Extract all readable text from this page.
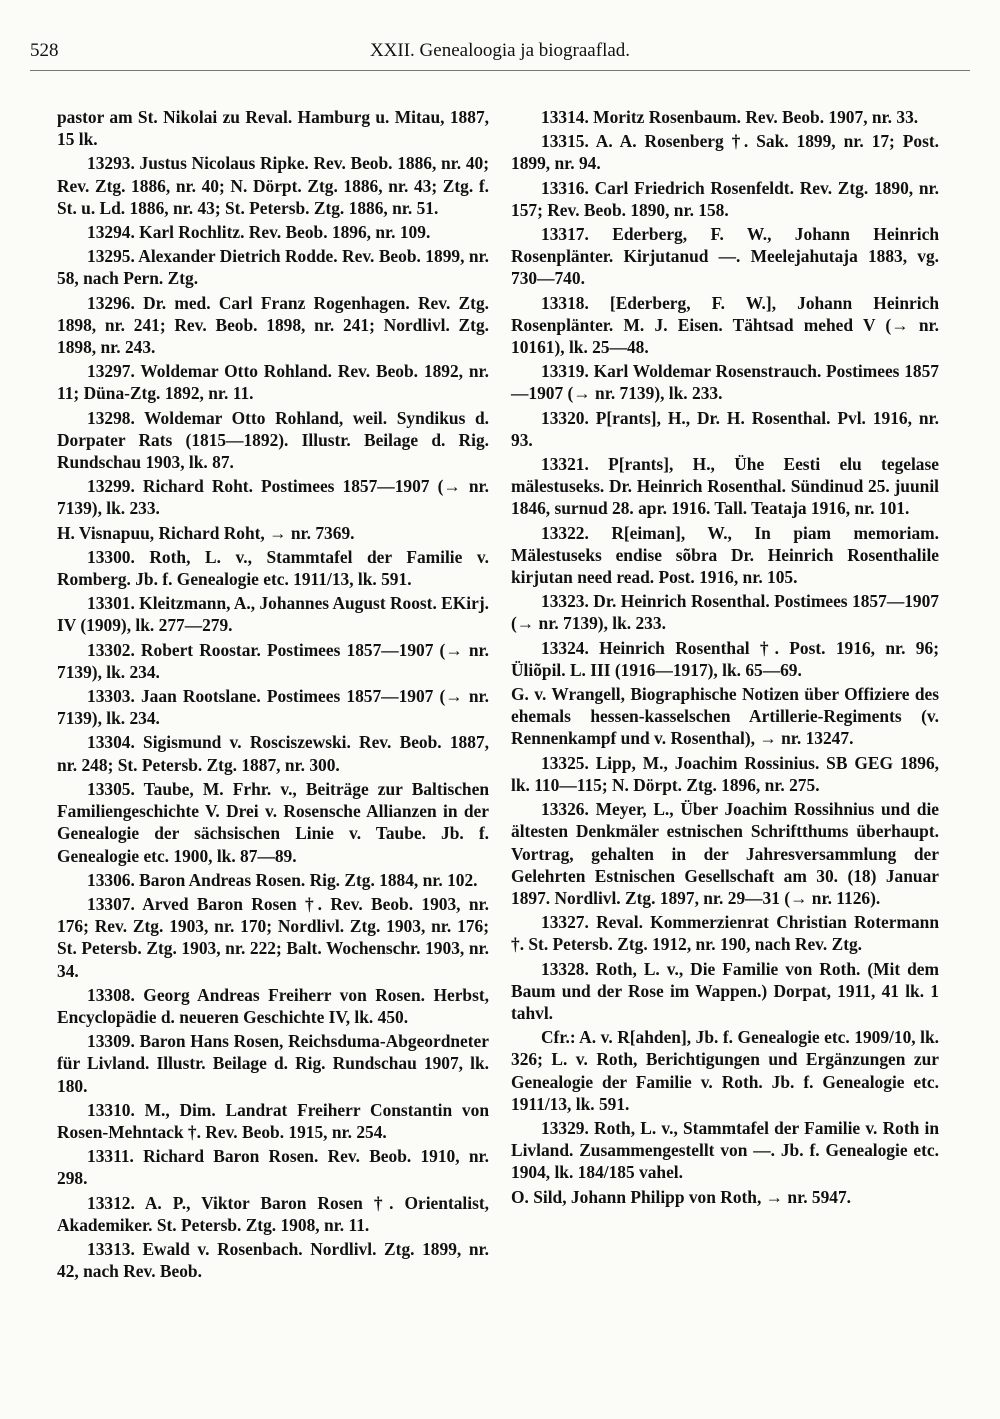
528	XXII. Genealoogia ja biograaflad.

pastor am St. Nikolai zu Reval. Hamburg u. Mitau, 1887, 15 lk.

13293. Justus Nicolaus Ripke. Rev. Beob. 1886, nr. 40; Rev. Ztg. 1886, nr. 40; N. Dörpt. Ztg. 1886, nr. 43; Ztg. f. St. u. Ld. 1886, nr. 43; St. Petersb. Ztg. 1886, nr. 51.

13294. Karl Rochlitz. Rev. Beob. 1896, nr. 109.

13295. Alexander Dietrich Rodde. Rev. Beob. 1899, nr. 58, nach Pern. Ztg.

13296. Dr. med. Carl Franz Rogenhagen. Rev. Ztg. 1898, nr. 241; Rev. Beob. 1898, nr. 241; Nordlivl. Ztg. 1898, nr. 243.

13297. Woldemar Otto Rohland. Rev. Beob. 1892, nr. 11; Düna-Ztg. 1892, nr. 11.

13298. Woldemar Otto Rohland, weil. Syndikus d. Dorpater Rats (1815—1892). Illustr. Beilage d. Rig. Rundschau 1903, lk. 87.

13299. Richard Roht. Postimees 1857—1907 (→ nr. 7139), lk. 233.

H. Visnapuu, Richard Roht, → nr. 7369.

13300. Roth, L. v., Stammtafel der Familie v. Romberg. Jb. f. Genealogie etc. 1911/13, lk. 591.

13301. Kleitzmann, A., Johannes August Roost. EKirj. IV (1909), lk. 277—279.

13302. Robert Roostar. Postimees 1857—1907 (→ nr. 7139), lk. 234.

13303. Jaan Rootslane. Postimees 1857—1907 (→ nr. 7139), lk. 234.

13304. Sigismund v. Rosciszewski. Rev. Beob. 1887, nr. 248; St. Petersb. Ztg. 1887, nr. 300.

13305. Taube, M. Frhr. v., Beiträge zur Baltischen Familiengeschichte V. Drei v. Rosensche Allianzen in der Genealogie der sächsischen Linie v. Taube. Jb. f. Genealogie etc. 1900, lk. 87—89.

13306. Baron Andreas Rosen. Rig. Ztg. 1884, nr. 102.

13307. Arved Baron Rosen †. Rev. Beob. 1903, nr. 176; Rev. Ztg. 1903, nr. 170; Nordlivl. Ztg. 1903, nr. 176; St. Petersb. Ztg. 1903, nr. 222; Balt. Wochenschr. 1903, nr. 34.

13308. Georg Andreas Freiherr von Rosen. Herbst, Encyclopädie d. neueren Geschichte IV, lk. 450.

13309. Baron Hans Rosen, Reichsduma-Abgeordneter für Livland. Illustr. Beilage d. Rig. Rundschau 1907, lk. 180.

13310. M., Dim. Landrat Freiherr Constantin von Rosen-Mehntack †. Rev. Beob. 1915, nr. 254.

13311. Richard Baron Rosen. Rev. Beob. 1910, nr. 298.

13312. A. P., Viktor Baron Rosen †. Orientalist, Akademiker. St. Petersb. Ztg. 1908, nr. 11.

13313. Ewald v. Rosenbach. Nordlivl. Ztg. 1899, nr. 42, nach Rev. Beob.

13314. Moritz Rosenbaum. Rev. Beob. 1907, nr. 33.

13315. A. A. Rosenberg †. Sak. 1899, nr. 17; Post. 1899, nr. 94.

13316. Carl Friedrich Rosenfeldt. Rev. Ztg. 1890, nr. 157; Rev. Beob. 1890, nr. 158.

13317. Ederberg, F. W., Johann Heinrich Rosenplänter. Kirjutanud —. Meelejahutaja 1883, vg. 730—740.

13318. [Ederberg, F. W.], Johann Heinrich Rosenplänter. M. J. Eisen. Tähtsad mehed V (→ nr. 10161), lk. 25—48.

13319. Karl Woldemar Rosenstrauch. Postimees 1857—1907 (→ nr. 7139), lk. 233.

13320. P[rants], H., Dr. H. Rosenthal. Pvl. 1916, nr. 93.

13321. P[rants], H., Ühe Eesti elu tegelase mälestuseks. Dr. Heinrich Rosenthal. Sündinud 25. juunil 1846, surnud 28. apr. 1916. Tall. Teataja 1916, nr. 101.

13322. R[eiman], W., In piam memoriam. Mälestuseks endise sõbra Dr. Heinrich Rosenthalile kirjutan need read. Post. 1916, nr. 105.

13323. Dr. Heinrich Rosenthal. Postimees 1857—1907 (→ nr. 7139), lk. 233.

13324. Heinrich Rosenthal †. Post. 1916, nr. 96; Üliõpil. L. III (1916—1917), lk. 65—69.

G. v. Wrangell, Biographische Notizen über Offiziere des ehemals hessen-kasselschen Artillerie-Regiments (v. Rennenkampf und v. Rosenthal), → nr. 13247.

13325. Lipp, M., Joachim Rossinius. SB GEG 1896, lk. 110—115; N. Dörpt. Ztg. 1896, nr. 275.

13326. Meyer, L., Über Joachim Rossihnius und die ältesten Denkmäler estnischen Schriftthums überhaupt. Vortrag, gehalten in der Jahresversammlung der Gelehrten Estnischen Gesellschaft am 30. (18) Januar 1897. Nordlivl. Ztg. 1897, nr. 29—31 (→ nr. 1126).

13327. Reval. Kommerzienrat Christian Rotermann †. St. Petersb. Ztg. 1912, nr. 190, nach Rev. Ztg.

13328. Roth, L. v., Die Familie von Roth. (Mit dem Baum und der Rose im Wappen.) Dorpat, 1911, 41 lk. 1 tahvl.

Cfr.: A. v. R[ahden], Jb. f. Genealogie etc. 1909/10, lk. 326; L. v. Roth, Berichtigungen und Ergänzungen zur Genealogie der Familie v. Roth. Jb. f. Genealogie etc. 1911/13, lk. 591.

13329. Roth, L. v., Stammtafel der Familie v. Roth in Livland. Zusammengestellt von —. Jb. f. Genealogie etc. 1904, lk. 184/185 vahel.

O. Sild, Johann Philipp von Roth, → nr. 5947.
